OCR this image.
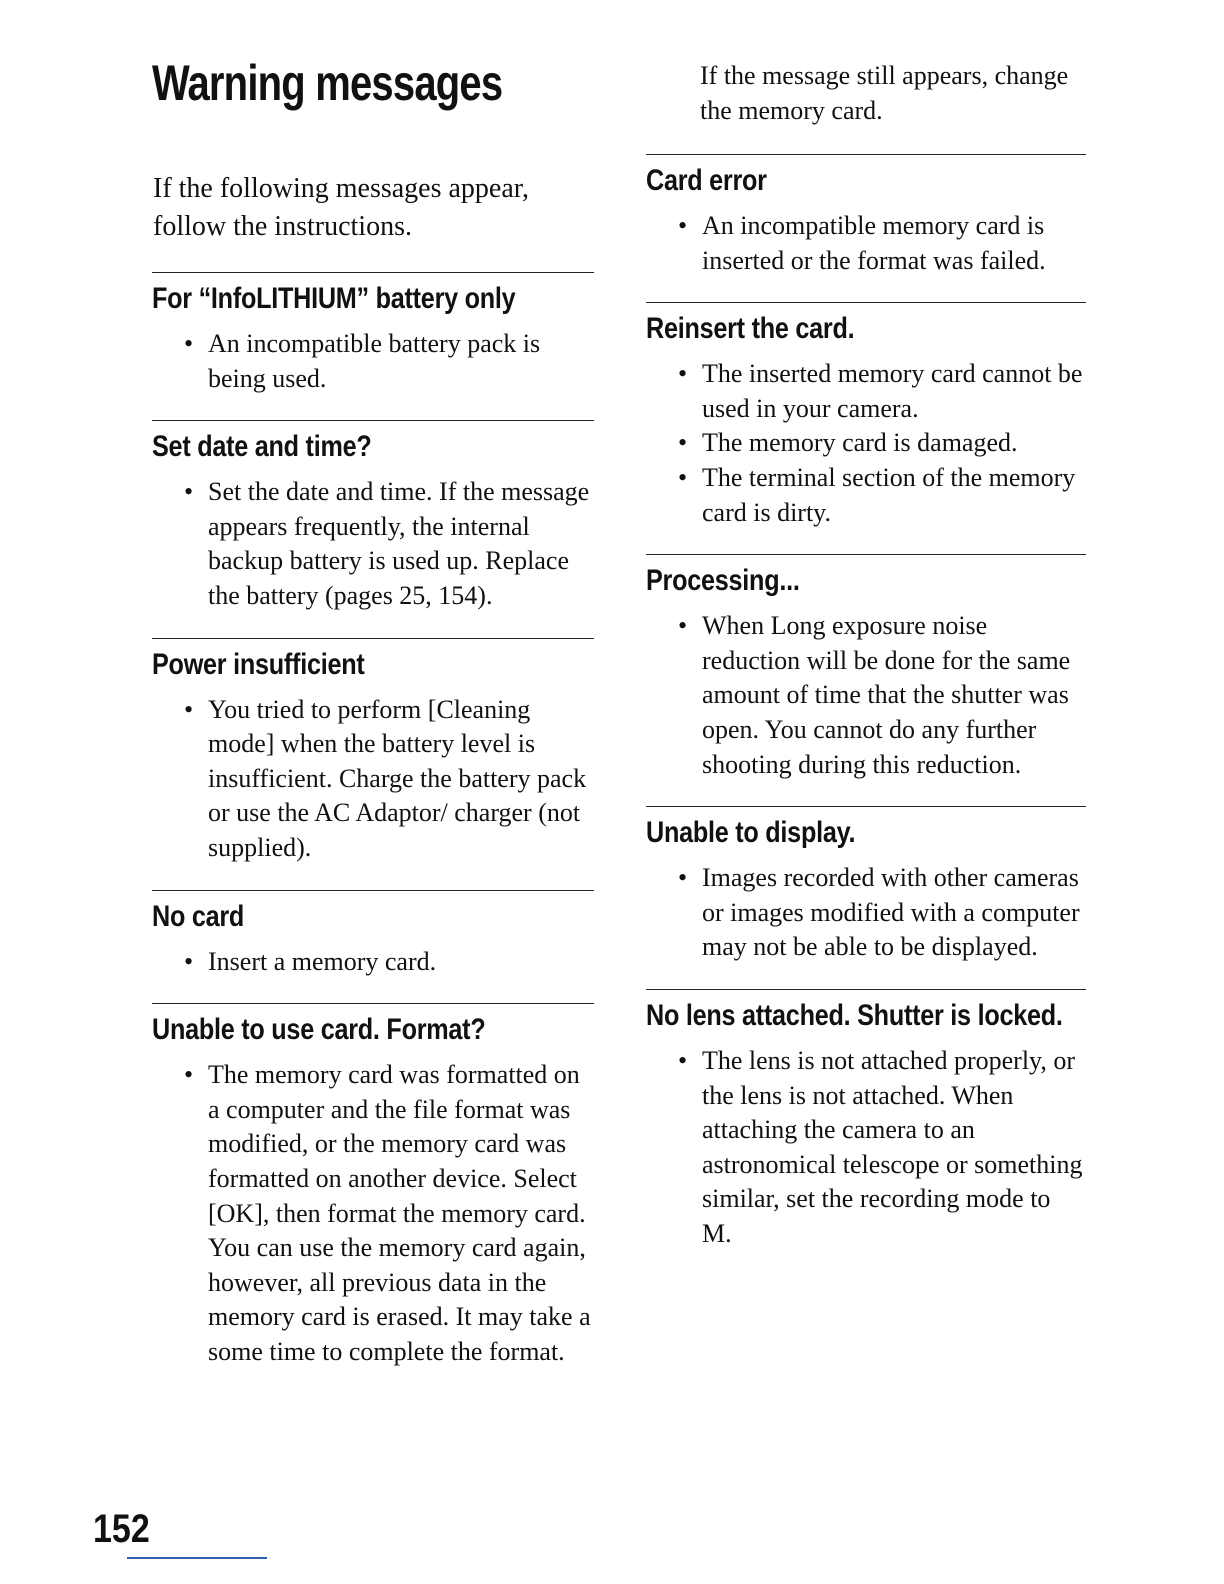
Warning messages

If the following messages appear, follow the instructions.

For “InfoLITHIUM” battery only
• An incompatible battery pack is being used.
Set date and time?
• Set the date and time. If the message appears frequently, the internal backup battery is used up. Replace the battery (pages 25, 154).
Power insufficient
• You tried to perform [Cleaning mode] when the battery level is insufficient. Charge the battery pack or use the AC Adaptor/ charger (not supplied).
No card
• Insert a memory card.
Unable to use card. Format?
• The memory card was formatted on a computer and the file format was modified, or the memory card was formatted on another device. Select [OK], then format the memory card. You can use the memory card again, however, all previous data in the memory card is erased. It may take a some time to complete the format.

If the message still appears, change the memory card.

Card error
• An incompatible memory card is inserted or the format was failed.
Reinsert the card.
• The inserted memory card cannot be used in your camera.
• The memory card is damaged.
• The terminal section of the memory card is dirty.
Processing...
• When Long exposure noise reduction will be done for the same amount of time that the shutter was open. You cannot do any further shooting during this reduction.
Unable to display.
• Images recorded with other cameras or images modified with a computer may not be able to be displayed.
No lens attached. Shutter is locked.
• The lens is not attached properly, or the lens is not attached. When attaching the camera to an astronomical telescope or something similar, set the recording mode to M.
152
